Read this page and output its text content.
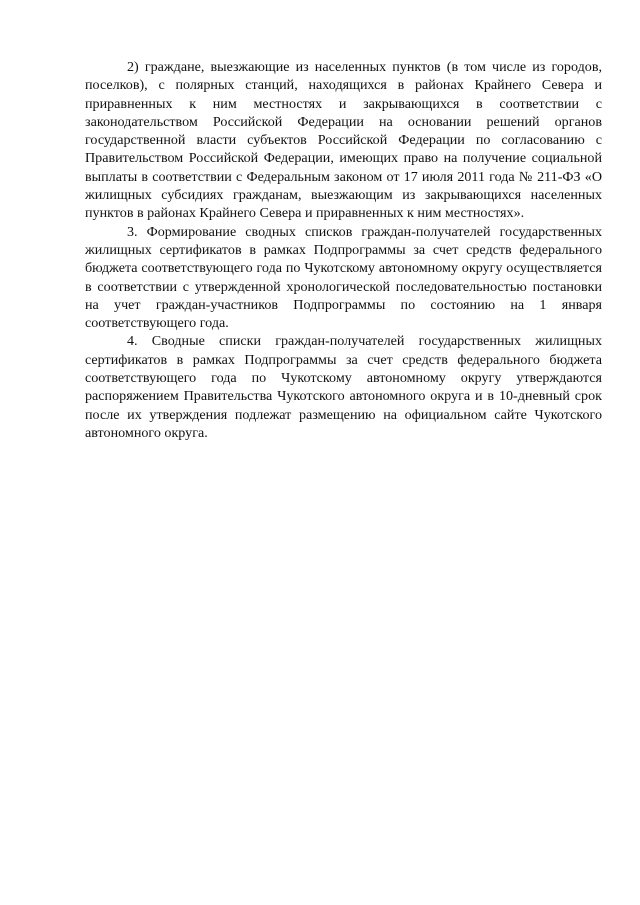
2) граждане, выезжающие из населенных пунктов (в том числе из городов, поселков), с полярных станций, находящихся в районах Крайнего Севера и приравненных к ним местностях и закрывающихся в соответствии с законодательством Российской Федерации на основании решений органов государственной власти субъектов Российской Федерации по согласованию с Правительством Российской Федерации, имеющих право на получение социальной выплаты в соответствии с Федеральным законом от 17 июля 2011 года № 211-ФЗ «О жилищных субсидиях гражданам, выезжающим из закрывающихся населенных пунктов в районах Крайнего Севера и приравненных к ним местностях».

3. Формирование сводных списков граждан-получателей государственных жилищных сертификатов в рамках Подпрограммы за счет средств федерального бюджета соответствующего года по Чукотскому автономному округу осуществляется в соответствии с утвержденной хронологической последовательностью постановки на учет граждан-участников Подпрограммы по состоянию на 1 января соответствующего года.

4. Сводные списки граждан-получателей государственных жилищных сертификатов в рамках Подпрограммы за счет средств федерального бюджета соответствующего года по Чукотскому автономному округу утверждаются распоряжением Правительства Чукотского автономного округа и в 10-дневный срок после их утверждения подлежат размещению на официальном сайте Чукотского автономного округа.
